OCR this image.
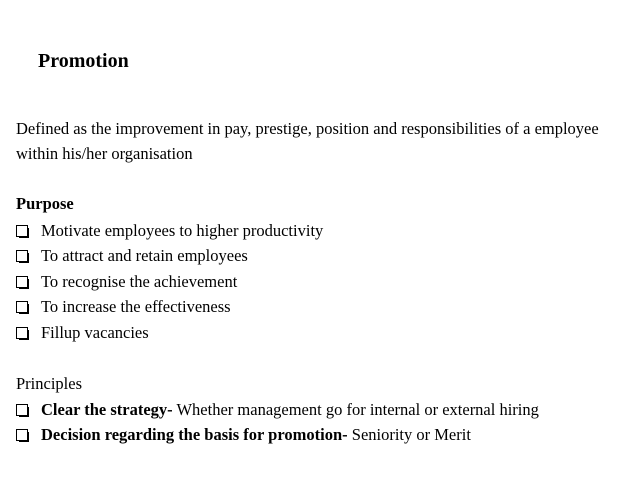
Promotion
Defined as the improvement in pay, prestige, position and responsibilities of a employee within his/her organisation
Purpose
Motivate employees to higher productivity
To attract and retain employees
To recognise the achievement
To increase the effectiveness
Fillup vacancies
Principles
Clear the strategy- Whether management go for internal or external hiring
Decision regarding the basis for promotion- Seniority or Merit
